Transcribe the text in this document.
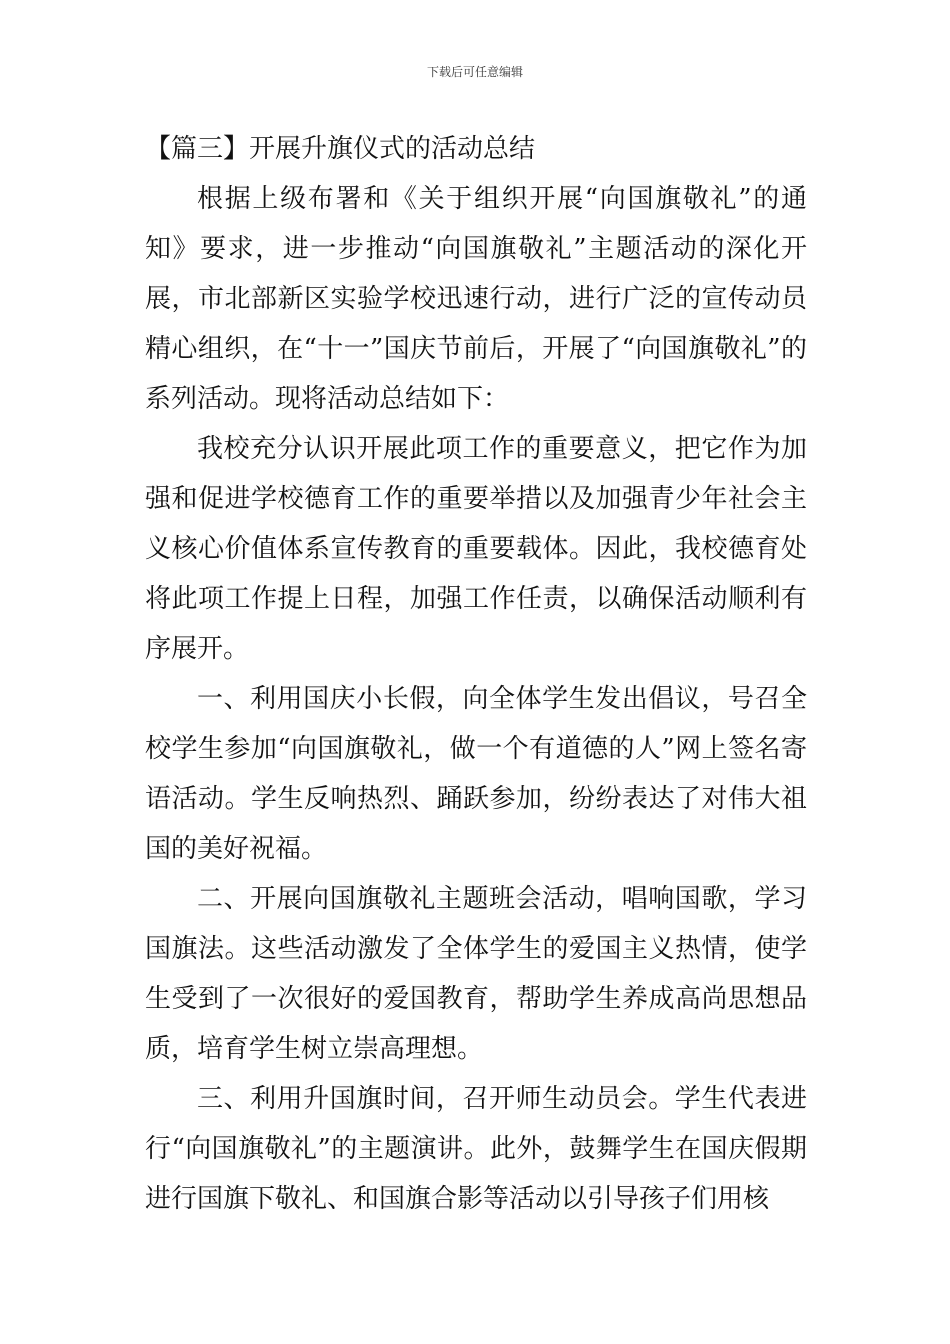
下载后可任意编辑
【篇三】开展升旗仪式的活动总结

根据上级布署和《关于组织开展“向国旗敬礼”的通知》要求，进一步推动“向国旗敬礼”主题活动的深化开展，市北部新区实验学校迅速行动，进行广泛的宣传动员精心组织，在“十一”国庆节前后，开展了“向国旗敬礼”的系列活动。现将活动总结如下：

我校充分认识开展此项工作的重要意义，把它作为加强和促进学校德育工作的重要举措以及加强青少年社会主义核心价值体系宣传教育的重要载体。因此，我校德育处将此项工作提上日程，加强工作任责，以确保活动顺利有序展开。

一、利用国庆小长假，向全体学生发出倡议，号召全校学生参加“向国旗敬礼，做一个有道德的人”网上签名寄语活动。学生反响热烈、踊跃参加，纷纷表达了对伟大祖国的美好祝福。

二、开展向国旗敬礼主题班会活动，唱响国歌，学习国旗法。这些活动激发了全体学生的爱国主义热情，使学生受到了一次很好的爱国教育，帮助学生养成高尚思想品质，培育学生树立崇高理想。

三、利用升国旗时间，召开师生动员会。学生代表进行“向国旗敬礼”的主题演讲。此外，鼓舞学生在国庆假期进行国旗下敬礼、和国旗合影等活动以引导孩子们用核
